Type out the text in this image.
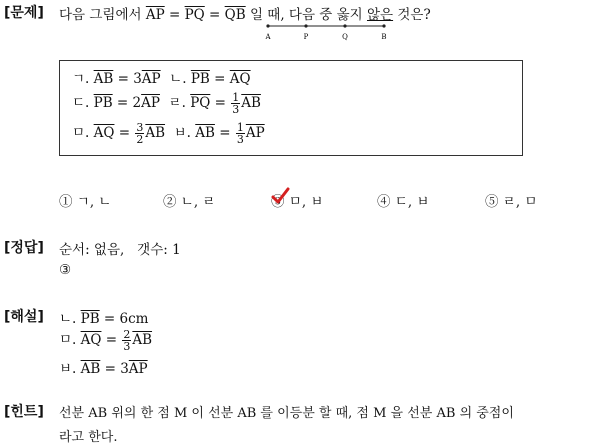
[문제] 다음 그림에서 $\overline{AP} = \overline{PQ} = \overline{QB}$ 일 때, 다음 중 옳지 않은 것은?
A	P	Q	B
ㄱ. $\overline{AB} = 3\overline{AP}$  ㄴ. $\overline{PB} = \overline{AQ}$
ㄷ. $\overline{PB} = 2\overline{AP}$  ㄹ. $\overline{PQ} = \frac{1}{3} \overline{AB}$
ㅁ. $\overline{AQ} = \frac{3}{2} \overline{AB}$  ㅂ. $\overline{AB} = \frac{1}{3} \overline{AP}$
① ㄱ, ㄴ	② ㄴ, ㄹ	③ ㅁ, ㅂ	④ ㄷ, ㅂ	⑤ ㄹ, ㅁ
[정답] 순서: 없음,   갯수: 1
③
[해설] ㄴ. $\overline{PB} = 6cm$
ㅁ. $\overline{AQ} = \frac{2}{3} \overline{AB}$
ㅂ. $\overline{AB} = 3\overline{AP}$
[힌트] 선분 AB 위의 한 점 M 이 선분 AB 를 이등분 할 때, 점 M 을 선분 AB 의 중점이
라고 한다.
